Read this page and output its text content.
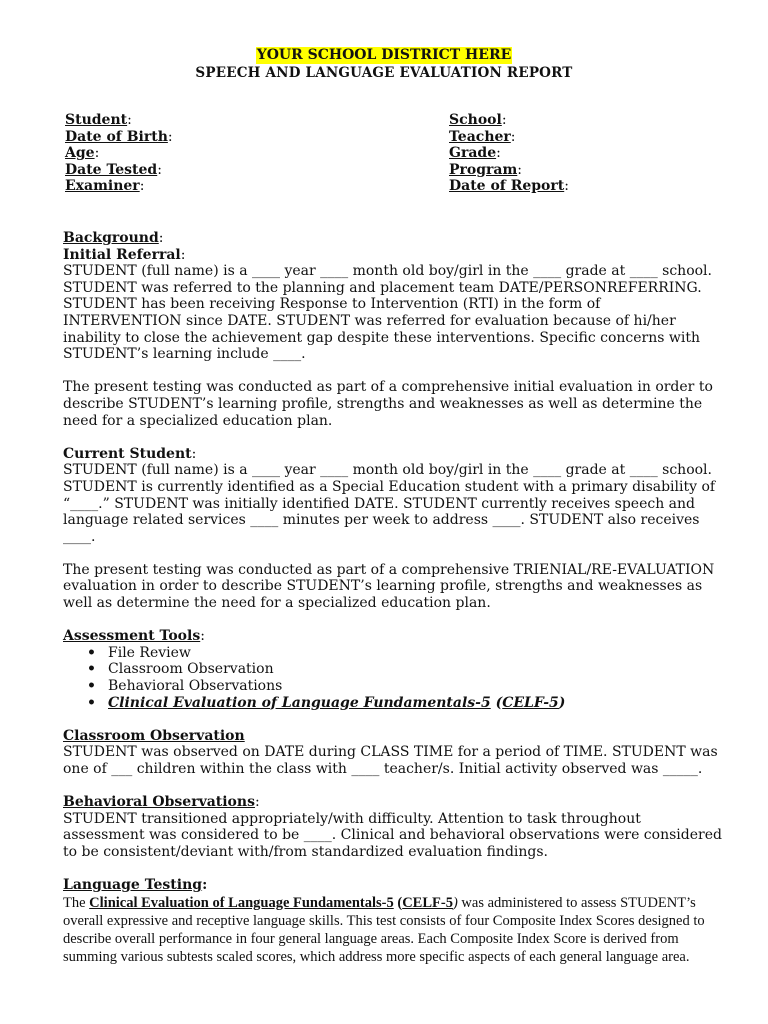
YOUR SCHOOL DISTRICT HERE
SPEECH AND LANGUAGE EVALUATION REPORT
Student:
Date of Birth:
Age:
Date Tested:
Examiner:
School:
Teacher:
Grade:
Program:
Date of Report:

Background:

Initial Referral:

STUDENT (full name) is a ____ year ____ month old boy/girl in the ____ grade at ____ school. STUDENT was referred to the planning and placement team DATE/PERSONREFERRING. STUDENT has been receiving Response to Intervention (RTI) in the form of INTERVENTION since DATE. STUDENT was referred for evaluation because of hi/her inability to close the achievement gap despite these interventions. Specific concerns with STUDENT’s learning include ____.

The present testing was conducted as part of a comprehensive initial evaluation in order to describe STUDENT’s learning profile, strengths and weaknesses as well as determine the need for a specialized education plan.

Current Student:

STUDENT (full name) is a ____ year ____ month old boy/girl in the ____ grade at ____ school. STUDENT is currently identified as a Special Education student with a primary disability of “____.” STUDENT was initially identified DATE. STUDENT currently receives speech and language related services ____ minutes per week to address ____. STUDENT also receives ____.

The present testing was conducted as part of a comprehensive TRIENIAL/RE-EVALUATION evaluation in order to describe STUDENT’s learning profile, strengths and weaknesses as well as determine the need for a specialized education plan.

Assessment Tools:

• File Review
• Classroom Observation
• Behavioral Observations
• Clinical Evaluation of Language Fundamentals-5 (CELF-5)

Classroom Observation

STUDENT was observed on DATE during CLASS TIME for a period of TIME. STUDENT was one of ___ children within the class with ____ teacher/s. Initial activity observed was _____.

Behavioral Observations:

STUDENT transitioned appropriately/with difficulty. Attention to task throughout assessment was considered to be ____. Clinical and behavioral observations were considered to be consistent/deviant with/from standardized evaluation findings.

Language Testing:

The Clinical Evaluation of Language Fundamentals-5 (CELF-5) was administered to assess STUDENT’s overall expressive and receptive language skills. This test consists of four Composite Index Scores designed to describe overall performance in four general language areas. Each Composite Index Score is derived from summing various subtests scaled scores, which address more specific aspects of each general language area.
